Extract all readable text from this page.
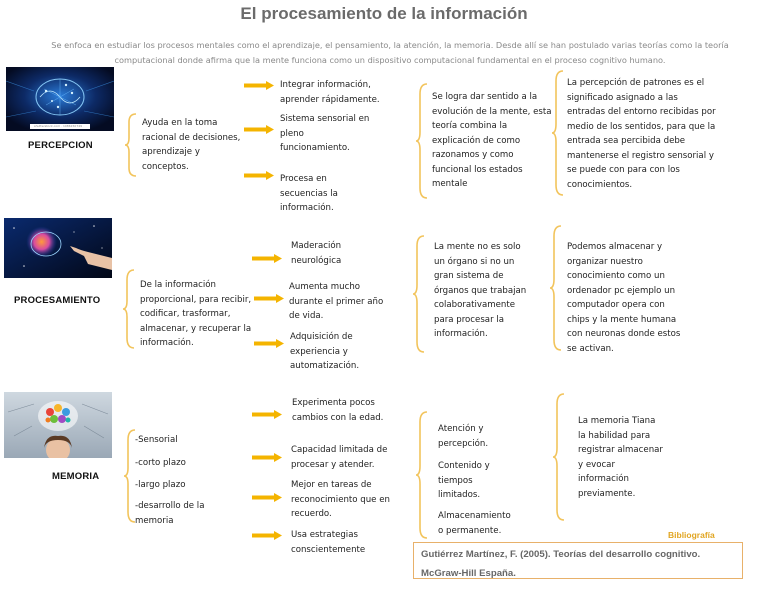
El procesamiento de la información
Se enfoca en estudiar los procesos mentales como el aprendizaje, el pensamiento, la atención, la memoria. Desde allí se han postulado varias teorías como la teoría computacional donde afirma que la mente funciona como un dispositivo computacional fundamental en el proceso cognitivo humano.
shutterstock.com · 1086150749
PERCEPCION
Ayuda en la toma racional de decisiones, aprendizaje y conceptos.
Integrar información, aprender rápidamente.
Sistema sensorial en pleno funcionamiento.
Procesa en secuencias la información.
Se logra dar sentido a la evolución de la mente, esta teoría combina la explicación de como razonamos y como funcional los estados mentale
La percepción de patrones es el significado asignado a las entradas del entorno recibidas por medio de los sentidos, para que la entrada sea percibida debe mantenerse el registro sensorial y se puede con para con los conocimientos.
PROCESAMIENTO
De la información proporcional, para recibir, codificar, trasformar, almacenar, y recuperar la información.
Maderación neurológica
Aumenta mucho durante el primer año de vida.
Adquisición de experiencia y automatización.
La mente no es solo un órgano si no un gran sistema de órganos que trabajan colaborativamente para procesar la información.
Podemos almacenar y organizar nuestro conocimiento como un ordenador pc ejemplo un computador opera con chips y la mente humana con neuronas donde estos se activan.
MEMORIA
-Sensorial
-corto plazo
-largo plazo
-desarrollo de la memoria
Experimenta pocos cambios con la edad.
Capacidad limitada de procesar y atender.
Mejor en tareas de reconocimiento que en recuerdo.
Usa estrategias conscientemente
Atención y percepción.
Contenido y tiempos limitados.
Almacenamiento o permanente.
La memoria Tiana la habilidad para registrar almacenar y evocar información previamente.
Bibliografía
Gutiérrez Martínez, F. (2005). Teorías del desarrollo cognitivo.
McGraw-Hill España.
